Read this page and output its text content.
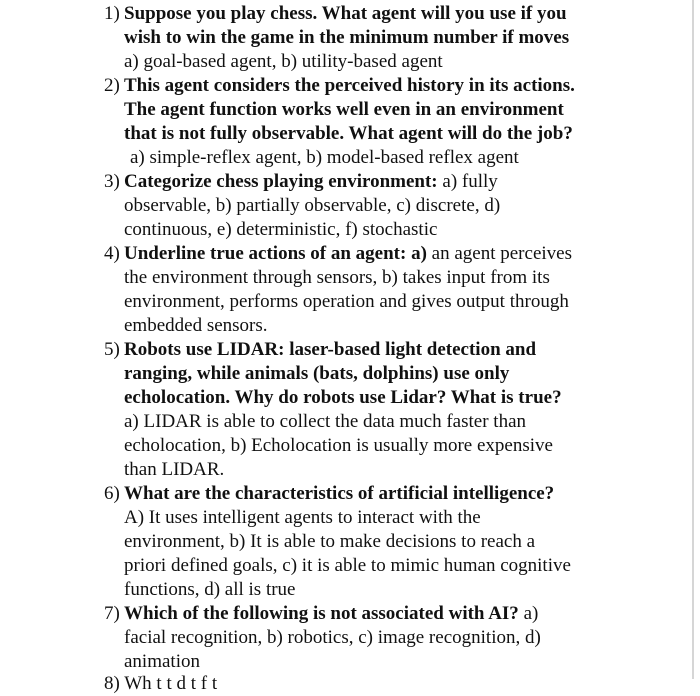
1) Suppose you play chess. What agent will you use if you
wish to win the game in the minimum number if moves
a) goal-based agent, b) utility-based agent
2) This agent considers the perceived history in its actions.
The agent function works well even in an environment
that is not fully observable. What agent will do the job?
a) simple-reflex agent, b) model-based reflex agent
3) Categorize chess playing environment: a) fully
observable, b) partially observable, c) discrete, d)
continuous, e) deterministic, f) stochastic
4) Underline true actions of an agent: a) an agent perceives
the environment through sensors, b) takes input from its
environment, performs operation and gives output through
embedded sensors.
5) Robots use LIDAR: laser-based light detection and
ranging, while animals (bats, dolphins) use only
echolocation. Why do robots use Lidar? What is true?
a) LIDAR is able to collect the data much faster than
echolocation, b) Echolocation is usually more expensive
than LIDAR.
6) What are the characteristics of artificial intelligence?
A) It uses intelligent agents to interact with the
environment, b) It is able to make decisions to reach a
priori defined goals, c) it is able to mimic human cognitive
functions, d) all is true
7) Which of the following is not associated with AI? a)
facial recognition, b) robotics, c) image recognition, d)
animation
8) Wh t t d t f t
